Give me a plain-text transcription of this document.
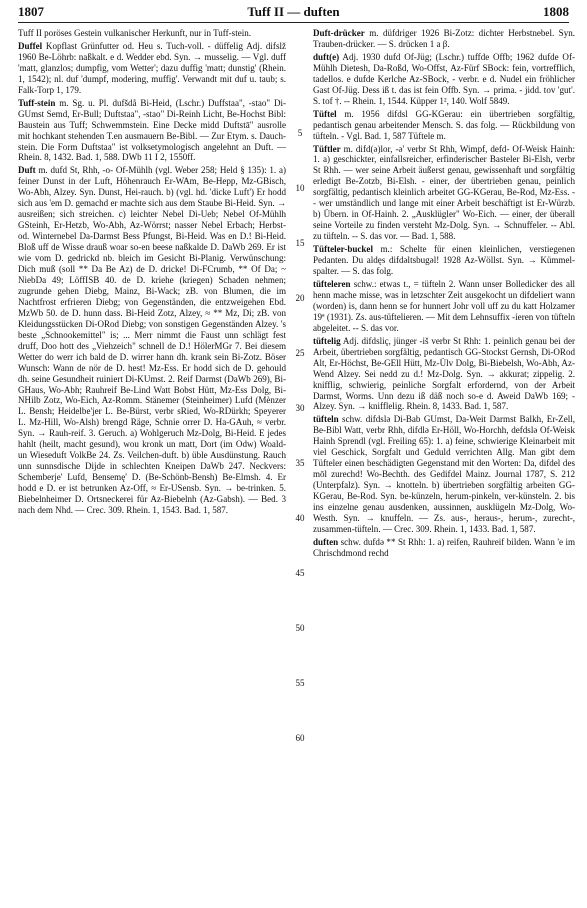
Tuff II — duften
1807	1808

Tuff II poröses Gestein vulkanischer Herkunft, nur in Tuff-stein.

Duffel Kopflast Grünfutter od. Heu s. Tuch-voll. - düffelig Adj. difslž 1960 Be-Löhrb: naßkalt. e d. Wedder ebd. Syn. → musselig. — Vgl. duff 'matt, glanzlos; dumpfig, vom Wetter'; dazu duffig 'matt; dunstig' (Rhein. 1, 1542); nl. duf 'dumpf, modering, muffig'. Verwandt mit duf u. taub; s. Falk-Torp 1, 179.

Tuff-stein m. Sg. u. Pl. dufšdå Bi-Heid, (Lschr.) Duffstaa", -stao" Di-GUmst Semd, Er-Bull; Duftstaa", -stao" Di-Reinh Licht, Be-Hochst Bibl: Baustein aus Tuff; Schwemmstein. Eine Decke midd Duftstā" ausrolle mit hochkant stehenden T.en ausmauern Be-Bibl. — Zur Etym. s. Dauch-stein. Die Form Duftstaa" ist volksetymologisch angelehnt an Duft. — Rhein. 8, 1432. Bad. 1, 588. DWb 11 I 2, 1550ff.

Duft m. dufd St, Rhh, -o- Of-Mühlh (vgl. Weber 258; Held § 135): 1. a) feiner Dunst in der Luft, Höhenrauch Er-WAm, Be-Hepp, Mz-GBisch, Wo-Abh, Alzey. Syn. Dunst, Hei-rauch. b) (vgl. hd. 'dicke Luft') Er hodd sich aus 'em D. gemachd er machte sich aus dem Staube Bi-Heid. Syn. → ausreißen; sich streichen. c) leichter Nebel Di-Ueb; Nebel Of-Mühlh GSteinh, Er-Hetzb, Wo-Abh, Az-Wörrst; nasser Nebel Erbach; Herbst- od. Winternebel Da-Darmst Bess Pfungst, Bi-Heid. Was en D.! Bi-Heid. Bloß uff de Wisse drauß woar so-en beese naßkalde D. DaWb 269. Er ist wie vom D. gedrickd nb. bleich im Gesicht Bi-Planig. Verwünschung: Dich muß (soll ** Da Be Az) de D. dricke! Di-FCrumb, ** Of Da; ~ NiebDa 49; LöffISB 40. de D. kriehe (kriegen) Schaden nehmen; zugrunde gehen Diebg, Mainz, Bi-Wack; zB. von Blumen, die im Nachtfrost erfrieren Diebg; von Gegenständen, die entzweigehen Ebd. MzWb 50. de D. hunn dass. Bi-Heid Zotz, Alzey, ≈ ** Mz, Di; zB. von Kleidungsstücken Di-ORod Diebg; von sonstigen Gegenständen Alzey. 's beste „Schnookemittel" is; ... Merr nimmt die Faust unn schlägt fest druff, Doo hott des „Viehzeich" schnell de D.! HölerMGr 7. Bei diesem Wetter do werr ich bald de D. wirrer hann dh. krank sein Bi-Zotz. Böser Wunsch: Wann de nör de D. hest! Mz-Ess. Er hodd sich de D. gehould dh. seine Gesundheit ruiniert Di-KUmst. 2. Reif Darmst (DaWb 269), Bi-GHaus, Wo-Abh; Rauhreif Be-Lind Watt Bobst Hütt, Mz-Ess Dolg, Bi-NHilb Zotz, Wo-Eich, Az-Romm. Stänemer (Steinheimer) Lufd (Mènzer L. Bensh; Heidelbe'jer L. Be-Bürst, verbr sRied, Wo-RDürkh; Speyerer L. Mz-Hill, Wo-Alsh) brengd Räge, Schnie orrer D. Ha-GAuh, ≈ verbr. Syn. → Rauh-reif. 3. Geruch. a) Wohlgeruch Mz-Dolg, Bi-Heid. E jedes hahlt (heilt, macht gesund), wou kronk un matt, Dort (im Odw) Woald- un Wieseduft VolkBe 24. Zs. Veilchen-duft. b) üble Ausdünstung. Rauch unn sunnsdische Dijde in schlechten Kneipen DaWb 247. Neckvers: Schemberje' Lufd, Bensemę' D. (Be-Schönb-Bensh) Be-Elmsh. 4. Er hodd e D. er ist betrunken Az-Off, ≈ Er-USensb. Syn. → be-trinken. 5. Biebelnheimer D. Ortsneckerei für Az-Biebelnh (Az-Gabsh). — Bed. 3 nach dem Nhd. — Crec. 309. Rhein. 1, 1543. Bad. 1, 587.

5
10
15
20
25
30
35
40
45
50
55
60

Duft-drücker m. düfdriger 1926 Bi-Zotz: dichter Herbstnebel. Syn. Trauben-drücker. — S. drücken 1 a β.

duft(e) Adj. 1930 dufd Of-Jüg; (Lschr.) tuffde Offb; 1962 dufde Of-Mühlh Dietesh, Da-Roßd, Wo-Offst, Az-Fürf SBock: fein, vortrefflich, tadellos. e dufde Kerlche Az-SBock, - verbr. e d. Nudel ein fröhlicher Gast Of-Jüg. Dess iß t. das ist fein Offb. Syn. → prima. - jidd. tov 'gut'. S. tof †. -- Rhein. 1, 1544. Küpper 1², 140. Wolf 5849.

Tüftel m. 1956 difdsl GG-KGerau: ein übertrieben sorgfältig, pedantisch genau arbeitender Mensch. S. das folg. — Rückbildung von tüfteln. - Vgl. Bad. 1, 587 Tüftele m.

Tüftler m. difd(ə)lor, -ə' verbr St Rhh, Wimpf, defd- Of-Weisk Hainh: 1. a) geschickter, einfallsreicher, erfinderischer Basteler Bi-Elsh, verbr St Rhh. — wer seine Arbeit äußerst genau, gewissenhaft und sorgfältig erledigt Be-Zotzb, Bi-Elsh. - einer, der übertrieben genau, peinlich sorgfältig, pedantisch kleinlich arbeitet GG-KGerau, Be-Rod, Mz-Ess. -- wer umständlich und lange mit einer Arbeit beschäftigt ist Er-Würzb. b) Übern. in Of-Hainh. 2. „Ausklügler" Wo-Eich. — einer, der überall seine Vorteile zu finden versteht Mz-Dolg. Syn. → Schnuffeler. -- Abl. zu tüfteln. -- S. das vor. — Bad. 1, 588.

Tüfteler-buckel m.: Schelte für einen kleinlichen, verstiegenen Pedanten. Du aldęs difdəltsbugəl! 1928 Az-Wöllst. Syn. → Kümmel-spalter. — S. das folg.

tüfteleren schw.: etwas t., = tüfteln 2. Wann unser Bolledicker des all henn mache misse, was in letzschter Zeit ausgekocht un difdeliert wann (worden) is, dann henn se for hunnert Johr voll uff zu du katt Holzamer 19ª (1931). Zs. aus-tüftelieren. — Mit dem Lehnsuffix -ieren von tüfteln abgeleitet. -- S. das vor.

tüftelig Adj. difdsliç, jünger -iš verbr St Rhh: 1. peinlich genau bei der Arbeit, übertrieben sorgfältig, pedantisch GG-Stockst Gernsh, Di-ORod Alt, Er-Höchst, Be-GEll Hütt, Mz-Ülv Dolg, Bi-Biebelsh, Wo-Abh, Az-Wend Alzey. Sei nedd zu d.! Mz-Dolg. Syn. → akkurat; zippelig. 2. knifflig, schwierig, peinliche Sorgfalt erfordernd, von der Arbeit Darmst, Worms. Unn dezu iß däß noch so-e d. Aweid DaWb 169; - Alzey. Syn. → knifflelig. Rhein. 8, 1433. Bad. 1, 587.

tüfteln schw. difdslə Di-Bab GUmst, Da-Weit Darmst Balkh, Er-Zell, Be-Bibl Watt, verbr Rhh, difdlə Er-Höll, Wo-Horchh, defdslə Of-Weisk Hainh Sprendl (vgl. Freiling 65): 1. a) feine, schwierige Kleinarbeit mit viel Geschick, Sorgfalt und Geduld verrichten Allg. Man gibt dem Tüfteler einen beschädigten Gegenstand mit den Worten: Da, difdel des mōl zurechd! Wo-Bechth. des Gedifdel Mainz. Journal 1787, S. 212 (Unterpfalz). Syn. → knotteln. b) übertrieben sorgfältig arbeiten GG-KGerau, Be-Rod. Syn. be-künzeln, herum-pinkeln, ver-künsteln. 2. bis ins einzelne genau ausdenken, aussinnen, ausklügeln Mz-Dolg, Wo-Westh. Syn. → knuffeln. — Zs. aus-, heraus-, herum-, zurecht-, zusammen-tüfteln. — Crec. 309. Rhein. 1, 1433. Bad. 1, 587.

duften schw. dufdə ** St Rhh: 1. a) reifen, Rauhreif bilden. Wann 'e im Chrischdmond rechd
